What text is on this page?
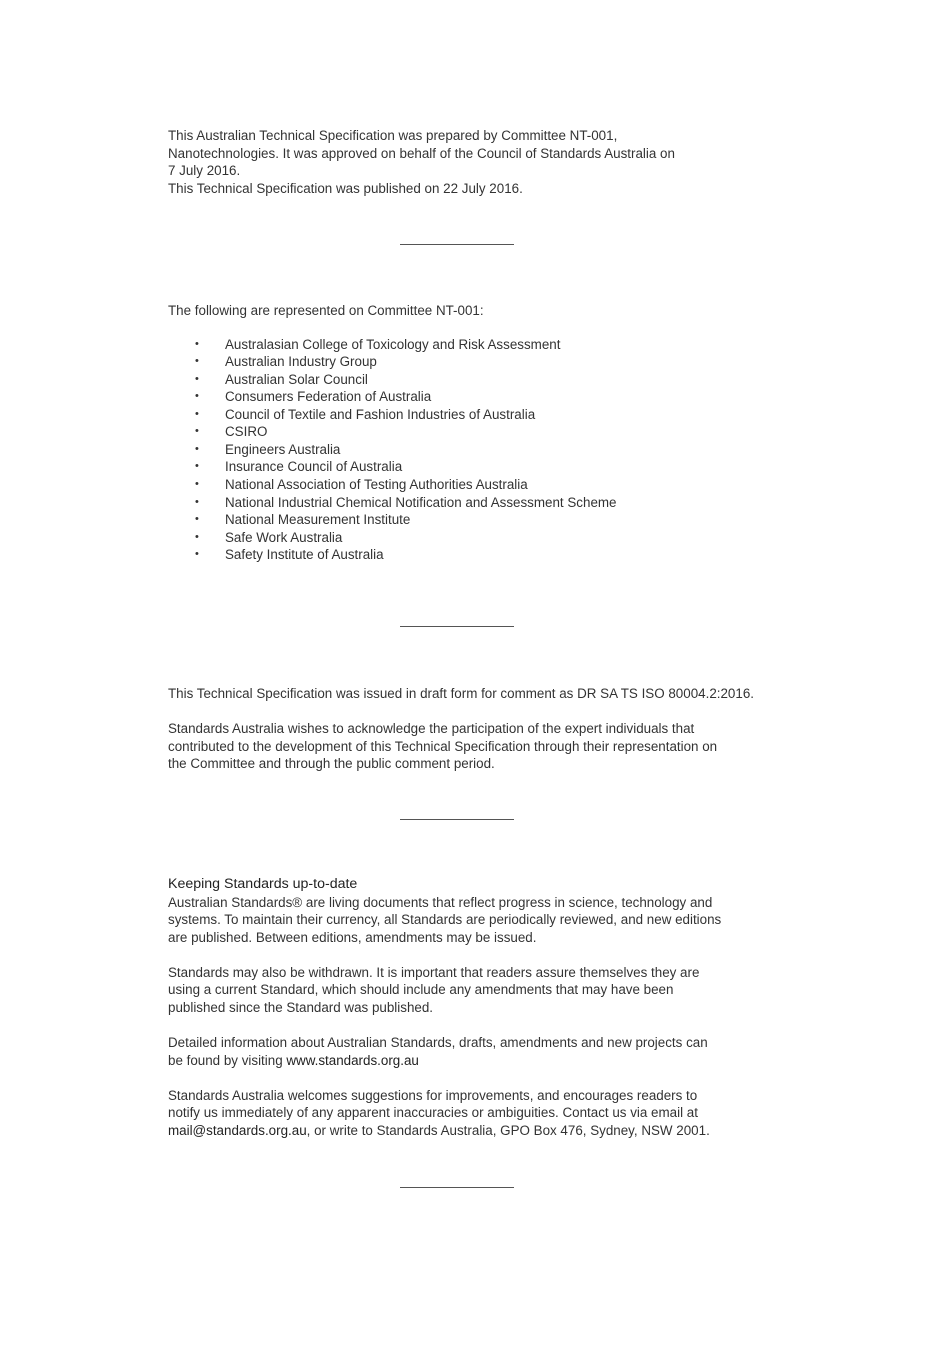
This Australian Technical Specification was prepared by Committee NT-001,

Nanotechnologies. It was approved on behalf of the Council of Standards Australia on

7 July 2016.

This Technical Specification was published on 22 July 2016.

The following are represented on Committee NT-001:

• Australasian College of Toxicology and Risk Assessment
• Australian Industry Group
• Australian Solar Council
• Consumers Federation of Australia
• Council of Textile and Fashion Industries of Australia
• CSIRO
• Engineers Australia
• Insurance Council of Australia
• National Association of Testing Authorities Australia
• National Industrial Chemical Notification and Assessment Scheme
• National Measurement Institute
• Safe Work Australia
• Safety Institute of Australia

This Technical Specification was issued in draft form for comment as DR SA TS ISO 80004.2:2016.

Standards Australia wishes to acknowledge the participation of the expert individuals that

contributed to the development of this Technical Specification through their representation on

the Committee and through the public comment period.

Keeping Standards up-to-date

Australian Standards® are living documents that reflect progress in science, technology and

systems. To maintain their currency, all Standards are periodically reviewed, and new editions

are published. Between editions, amendments may be issued.

Standards may also be withdrawn. It is important that readers assure themselves they are

using a current Standard, which should include any amendments that may have been

published since the Standard was published.

Detailed information about Australian Standards, drafts, amendments and new projects can

be found by visiting www.standards.org.au

Standards Australia welcomes suggestions for improvements, and encourages readers to

notify us immediately of any apparent inaccuracies or ambiguities. Contact us via email at

mail@standards.org.au, or write to Standards Australia, GPO Box 476, Sydney, NSW 2001.
